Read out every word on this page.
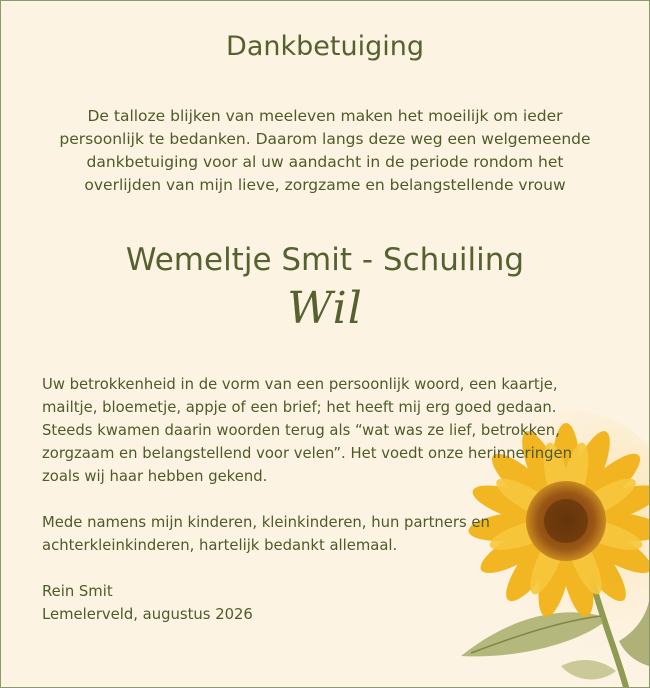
Dankbetuiging
De talloze blijken van meeleven maken het moeilijk om ieder
persoonlijk te bedanken. Daarom langs deze weg een welgemeende
dankbetuiging voor al uw aandacht in de periode rondom het
overlijden van mijn lieve, zorgzame en belangstellende vrouw
Wemeltje Smit - Schuiling
Wil
Uw betrokkenheid in de vorm van een persoonlijk woord, een kaartje,
mailtje, bloemetje, appje of een brief; het heeft mij erg goed gedaan.
Steeds kwamen daarin woorden terug als “wat was ze lief, betrokken,
zorgzaam en belangstellend voor velen”. Het voedt onze herinneringen
zoals wij haar hebben gekend.
Mede namens mijn kinderen, kleinkinderen, hun partners en
achterkleinkinderen, hartelijk bedankt allemaal.
Rein Smit
Lemelerveld, augustus 2026
